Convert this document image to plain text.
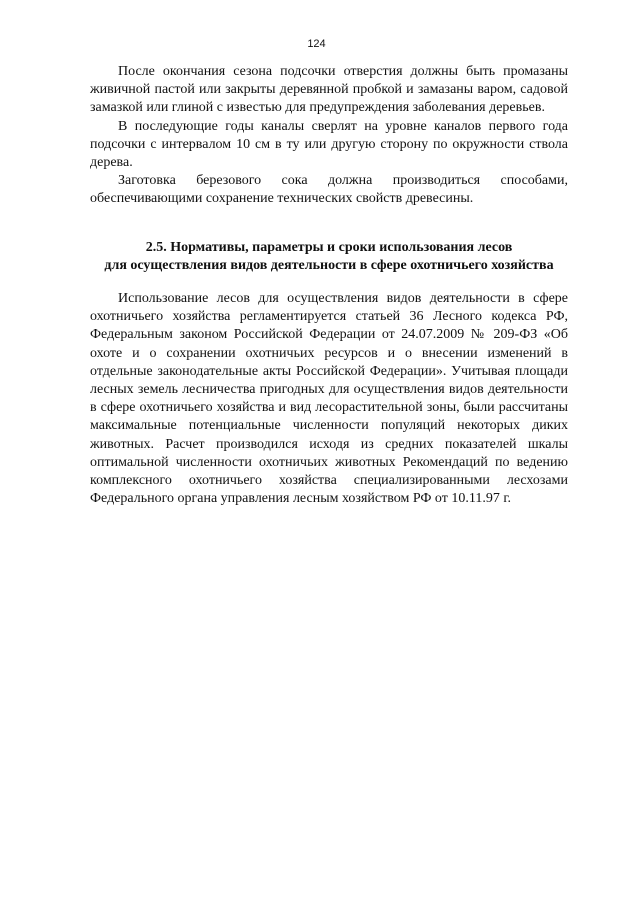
124

После окончания сезона подсочки отверстия должны быть промазаны живичной пастой или закрыты деревянной пробкой и замазаны варом, садовой замазкой или глиной с известью для предупреждения заболевания деревьев.

В последующие годы каналы сверлят на уровне каналов первого года подсочки с интервалом 10 см в ту или другую сторону по окружности ствола дерева.

Заготовка березового сока должна производиться способами, обеспечивающими сохранение технических свойств древесины.

2.5. Нормативы, параметры и сроки использования лесов
для осуществления видов деятельности в сфере охотничьего хозяйства

Использование лесов для осуществления видов деятельности в сфере охотничьего хозяйства регламентируется статьей 36 Лесного кодекса РФ, Федеральным законом Российской Федерации от 24.07.2009 № 209-ФЗ «Об охоте и о сохранении охотничьих ресурсов и о внесении изменений в отдельные законодательные акты Российской Федерации». Учитывая площади лесных земель лесничества пригодных для осуществления видов деятельности в сфере охотничьего хозяйства и вид лесорастительной зоны, были рассчитаны максимальные потенциальные численности популяций некоторых диких животных. Расчет производился исходя из средних показателей шкалы оптимальной численности охотничьих животных Рекомендаций по ведению комплексного охотничьего хозяйства специализированными лесхозами Федерального органа управления лесным хозяйством РФ от 10.11.97 г.
